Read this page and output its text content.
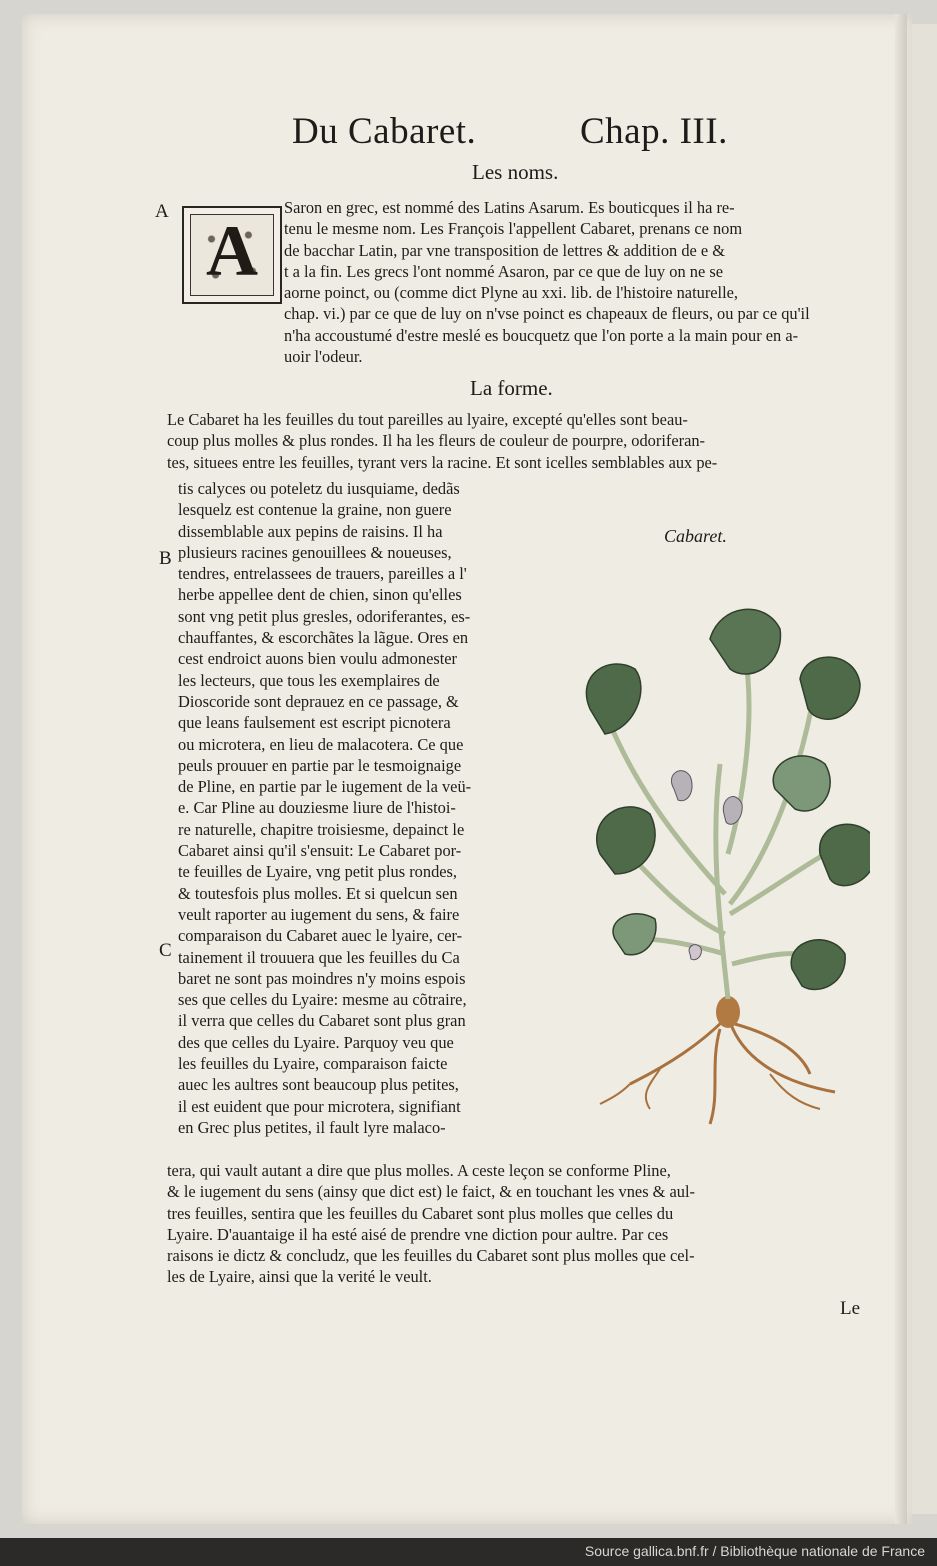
Du Cabaret.	Chap. III.
Les noms.
A A
Saron en grec, est nommé des Latins Asarum. Es bouticques il ha re-
tenu le mesme nom. Les François l'appellent Cabaret, prenans ce nom
de bacchar Latin, par vne transposition de lettres & addition de e &
t a la fin. Les grecs l'ont nommé Asaron, par ce que de luy on ne se
aorne poinct, ou (comme dict Plyne au xxi. lib. de l'histoire naturelle,
chap. vi.) par ce que de luy on n'vse poinct es chapeaux de fleurs, ou par ce qu'il
n'ha accoustumé d'estre meslé es boucquetz que l'on porte a la main pour en a-
uoir l'odeur.
La forme.
Le Cabaret ha les feuilles du tout pareilles au lyaire, excepté qu'elles sont beau-
coup plus molles & plus rondes. Il ha les fleurs de couleur de pourpre, odoriferan-
tes, situees entre les feuilles, tyrant vers la racine. Et sont icelles semblables aux pe-
B
C
tis calyces ou poteletz du iusquiame, dedãs
lesquelz est contenue la graine, non guere
dissemblable aux pepins de raisins. Il ha
plusieurs racines genouillees & noueuses,
tendres, entrelassees de trauers, pareilles a l'
herbe appellee dent de chien, sinon qu'elles
sont vng petit plus gresles, odoriferantes, es-
chauffantes, & escorchãtes la lãgue. Ores en
cest endroict auons bien voulu admonester
les lecteurs, que tous les exemplaires de
Dioscoride sont deprauez en ce passage, &
que leans faulsement est escript picnotera
ou microtera, en lieu de malacotera. Ce que
peuls prouuer en partie par le tesmoignaige
de Pline, en partie par le iugement de la veü-
e. Car Pline au douziesme liure de l'histoi-
re naturelle, chapitre troisiesme, depainct le
Cabaret ainsi qu'il s'ensuit: Le Cabaret por-
te feuilles de Lyaire, vng petit plus rondes,
& toutesfois plus molles. Et si quelcun sen
veult raporter au iugement du sens, & faire
comparaison du Cabaret auec le lyaire, cer-
tainement il trouuera que les feuilles du Ca
baret ne sont pas moindres n'y moins espois
ses que celles du Lyaire: mesme au cõtraire,
il verra que celles du Cabaret sont plus gran
des que celles du Lyaire. Parquoy veu que
les feuilles du Lyaire, comparaison faicte
auec les aultres sont beaucoup plus petites,
il est euident que pour microtera, signifiant
en Grec plus petites, il fault lyre malaco-
Cabaret.
tera, qui vault autant a dire que plus molles. A ceste leçon se conforme Pline,
& le iugement du sens (ainsy que dict est) le faict, & en touchant les vnes & aul-
tres feuilles, sentira que les feuilles du Cabaret sont plus molles que celles du
Lyaire. D'auantaige il ha esté aisé de prendre vne diction pour aultre. Par ces
raisons ie dictz & concludz, que les feuilles du Cabaret sont plus molles que cel-
les de Lyaire, ainsi que la verité le veult.
Le
Source gallica.bnf.fr / Bibliothèque nationale de France
